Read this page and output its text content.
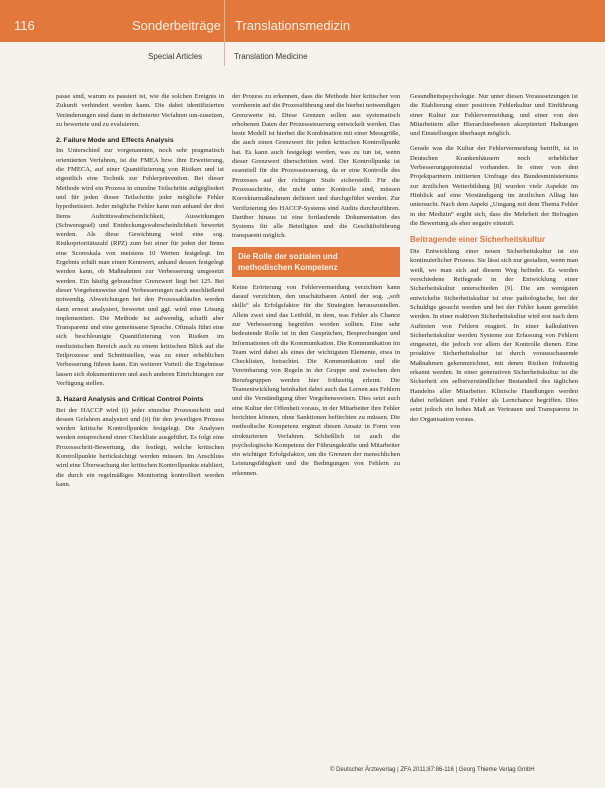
116	Sonderbeiträge Translationsmedizin
Special Articles	Translation Medicine

passe sind, warum es passiert ist, wie die solchen Ereignis in Zukunft verhindert werden kann. Die dabei identifizierten Veränderungen sind dann in definierter Verfahren um-zusetzen, zu bewertete und zu evaluieren.

2. Failure Mode and Effects Analysis

Im Unterschied zur vorgenannten, noch sehr pragmatisch orientierten Verfahren, ist die FMEA bzw. ihre Erweiterung, die FMECA, auf einer Quantifizierung von Risiken und ist eigentlich eine Technik zur Fehlerprävention. Bei dieser Methode wird ein Prozess in einzelne Teilschritte aufgegliedert und für jeden dieser Teilschritte jeder mögliche Fehler hypothetisiert. Jeder mögliche Fehler kann nun anhand der drei Items Auftrittswahrscheinlichkeit, Auswirkungen (Schweregrad) und Entdeckungswahrscheinlichkeit bewertet werden. Als diese Gewichtung wird eine sog. Risikoprioritätszahl (RPZ) zum bei einer für jeden der Items eine Scoreskala von meistens 10 Werten festgelegt. Im Ergebnis erhält man einen Kennwert, anhand dessen festgelegt werden kann, ob Maßnahmen zur Verbesserung umgesetzt werden. Ein häufig gebrauchter Grenzwert liegt bei 125. Bei dieser Vorgehensweise sind Verbesserungen nach anschließend notwendig. Abweichungen bei den Prozessabläufen werden dann erneut analysiert, bewertet und ggf. wird eine Lösung implementiert. Die Methode ist aufwendig, schafft aber Transparenz und eine gemeinsame Sprache. Oftmals führt eine sich beschleunigte Quantifizierung von Risiken im medizinischen Bereich auch zu einem kritischen Blick auf die Teilprozesse und Schnittstellen, was zu einer erheblichen Verbesserung führen kann. Ein weiterer Vorteil: die Ergebnisse lassen sich dokumentieren und auch anderen Einrichtungen zur Verfügung stellen.

3. Hazard Analysis and Critical Control Points

Bei der HACCP wird (i) jeder einzelne Prozessschritt und dessen Gefahren analysiert und (ii) für den jeweiligen Prozess werden kritische Kontrollpunkte festgelegt. Die Analysen werden entsprechend einer Checkliste ausgeführt. Es folgt eine Prozessschritt-Bewertung, die festlegt, welche kritischen Kontrollpunkte berücksichtigt werden müssen. Im Anschluss wird eine Überwachung der kritischen Kontrollpunkte etabliert, die durch ein regelmäßiges Monitoring kontrolliert werden kann.

der Prozess zu erkennen, dass die Methode hier kritischer von vornherein auf die Prozessführung und die hierbei notwendigen Grenzwerte ist. Diese Grenzen sollen aus systematisch erhobenen Daten der Prozesssteuerung entwickelt werden. Das beste Modell ist hierbei die Kombination mit einer Messgröße, die auch einen Grenzwert für jeden kritischen Kontrollpunkt hat. Es kann auch festgelegt werden, was zu tun ist, wenn dieser Grenzwert überschritten wird. Der Kontrollpunkt ist essentiell für die Prozesssteuerung, da er eine Kontrolle des Prozesses auf der richtigen Stufe sicherstellt. Für die Prozessschritte, die nicht unter Kontrolle sind, müssen Korrekturmaßnahmen definiert und durchgeführt werden. Zur Verifizierung des HACCP-Systems sind Audits durchzuführen. Darüber hinaus ist eine fortlaufende Dokumentation des Systems für alle Beteiligten und die Geschäftsführung transparent möglich.

Die Rolle der sozialen und methodischen Kompetenz

Keine Erörterung von Fehlervermeidung verzichten kann darauf verzichten, den unschätzbaren Anteil der sog. „soft skills“ als Erfolgsfaktor für die Strategien herauszustellen. Allein zwei sind das Leitbild, in dem, was Fehler als Chance zur Verbesserung begreifen werden sollten. Eine sehr bedeutende Rolle ist in den Gesprächen, Besprechungen und Informationen oft die Kommunikation. Die Kommunikation im Team wird dabei als eines der wichtigsten Elemente, etwa in Checklisten, betrachtet. Die Kommunikation und die Vereinbarung von Regeln in der Gruppe und zwischen den Berufsgruppen werden hier frühzeitig erlernt. Die Teamentwicklung beinhaltet dabei auch das Lernen aus Fehlern und die Verständigung über Vorgehensweisen. Dies setzt auch eine Kultur der Offenheit voraus, in der Mitarbeiter ihre Fehler berichten können, ohne Sanktionen befürchten zu müssen. Die methodische Kompetenz ergänzt diesen Ansatz in Form von strukturierten Verfahren. Schließlich ist auch die psychologische Kompetenz der Führungskräfte und Mitarbeiter ein wichtiger Erfolgsfaktor, um die Grenzen der menschlichen Leistungsfähigkeit und die Bedingungen von Fehlern zu erkennen.

Gesundheitspsychologie. Nur unter diesen Voraussetzungen ist die Etablierung einer positiven Fehlerkultur und Einführung einer Kultur zur Fehlervermeidung, und einer von den Mitarbeitern aller Hierarchieebenen akzeptierten Haltungen und Einstellungen überhaupt möglich.

Gerade was die Kultur der Fehlervermeidung betrifft, ist in Deutschen Krankenhäusern noch erheblicher Verbesserungspotenzial vorhanden. In einer von den Projektpartnern initiierten Umfrage des Bundesministeriums zur ärztlichen Weiterbildung [8] wurden viele Aspekte im Hinblick auf eine Verständigung im ärztlichen Alltag hin untersucht. Nach dem Aspekt „Umgang mit dem Thema Fehler in der Medizin“ ergibt sich, dass die Mehrheit der Befragten die Bewertung als eher negativ einstuft.

Beitragende einer Sicherheitskultur

Die Entwicklung einer neuen Sicherheitskultur ist ein kontinuierlicher Prozess. Sie lässt sich nur gestalten, wenn man weiß, wo man sich auf diesem Weg befindet. Es werden verschiedene Reifegrade in der Entwicklung einer Sicherheitskultur unterschieden [9]. Die am wenigsten entwickelte Sicherheitskultur ist eine pathologische, bei der Schuldige gesucht werden und bei der Fehler kaum gemeldet werden. In einer reaktiven Sicherheitskultur wird erst nach dem Auftreten von Fehlern reagiert. In einer kalkulativen Sicherheitskultur werden Systeme zur Erfassung von Fehlern eingesetzt, die jedoch vor allem der Kontrolle dienen. Eine proaktive Sicherheitskultur ist durch vorausschauende Maßnahmen gekennzeichnet, mit denen Risiken frühzeitig erkannt werden. In einer generativen Sicherheitskultur ist die Sicherheit ein selbstverständlicher Bestandteil des täglichen Handelns aller Mitarbeiter. Klinische Handlungen werden dabei reflektiert und Fehler als Lernchance begriffen. Dies setzt jedoch ein hohes Maß an Vertrauen und Transparenz in der Organisation voraus.

© Deutscher Ärzteverlag | ZFA 2011;87:86-116 | Georg Thieme Verlag GmbH
